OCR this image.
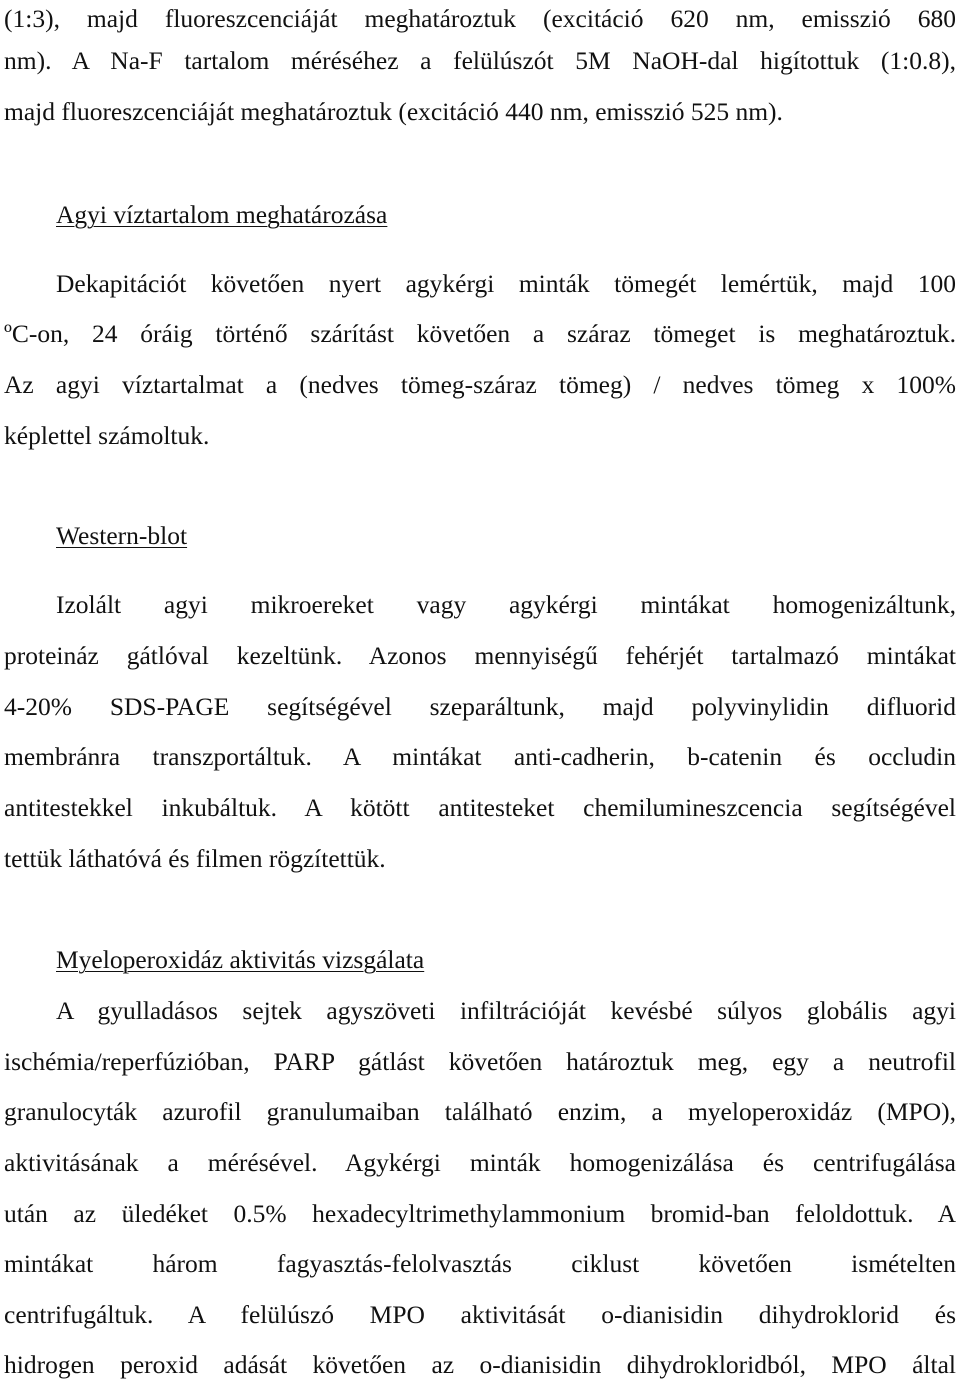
(1:3), majd fluoreszcenciáját meghatároztuk (excitáció 620 nm, emisszió 680
nm). A Na-F tartalom méréséhez a felülúszót 5M NaOH-dal higítottuk (1:0.8),
majd fluoreszcenciáját meghatároztuk (excitáció 440 nm, emisszió 525 nm).
Agyi víztartalom meghatározása
Dekapitációt követően nyert agykérgi minták tömegét lemértük, majd 100
ºC-on, 24 óráig történő szárítást követően a száraz tömeget is meghatároztuk.
Az agyi víztartalmat a (nedves tömeg-száraz tömeg) / nedves tömeg x 100%
képlettel számoltuk.
Western-blot
Izolált agyi mikroereket vagy agykérgi mintákat homogenizáltunk,
proteináz gátlóval kezeltünk. Azonos mennyiségű fehérjét tartalmazó mintákat
4-20% SDS-PAGE segítségével szeparáltunk, majd polyvinylidin difluorid
membránra transzportáltuk. A mintákat anti-cadherin, b-catenin és occludin
antitestekkel inkubáltuk. A kötött antitesteket chemilumineszcencia segítségével
tettük láthatóvá és filmen rögzítettük.
Myeloperoxidáz aktivitás vizsgálata
A gyulladásos sejtek agyszöveti infiltrációját kevésbé súlyos globális agyi
ischémia/reperfúzióban, PARP gátlást követően határoztuk meg, egy a neutrofil
granulocyták azurofil granulumaiban található enzim, a myeloperoxidáz (MPO),
aktivitásának a mérésével. Agykérgi minták homogenizálása és centrifugálása
után az üledéket 0.5% hexadecyltrimethylammonium bromid-ban feloldottuk. A
mintákat három fagyasztás-felolvasztás ciklust követően ismételten
centrifugáltuk. A felülúszó MPO aktivitását o-dianisidin dihydroklorid és
hidrogen peroxid adását követően az o-dianisidin dihydrokloridból, MPO által
